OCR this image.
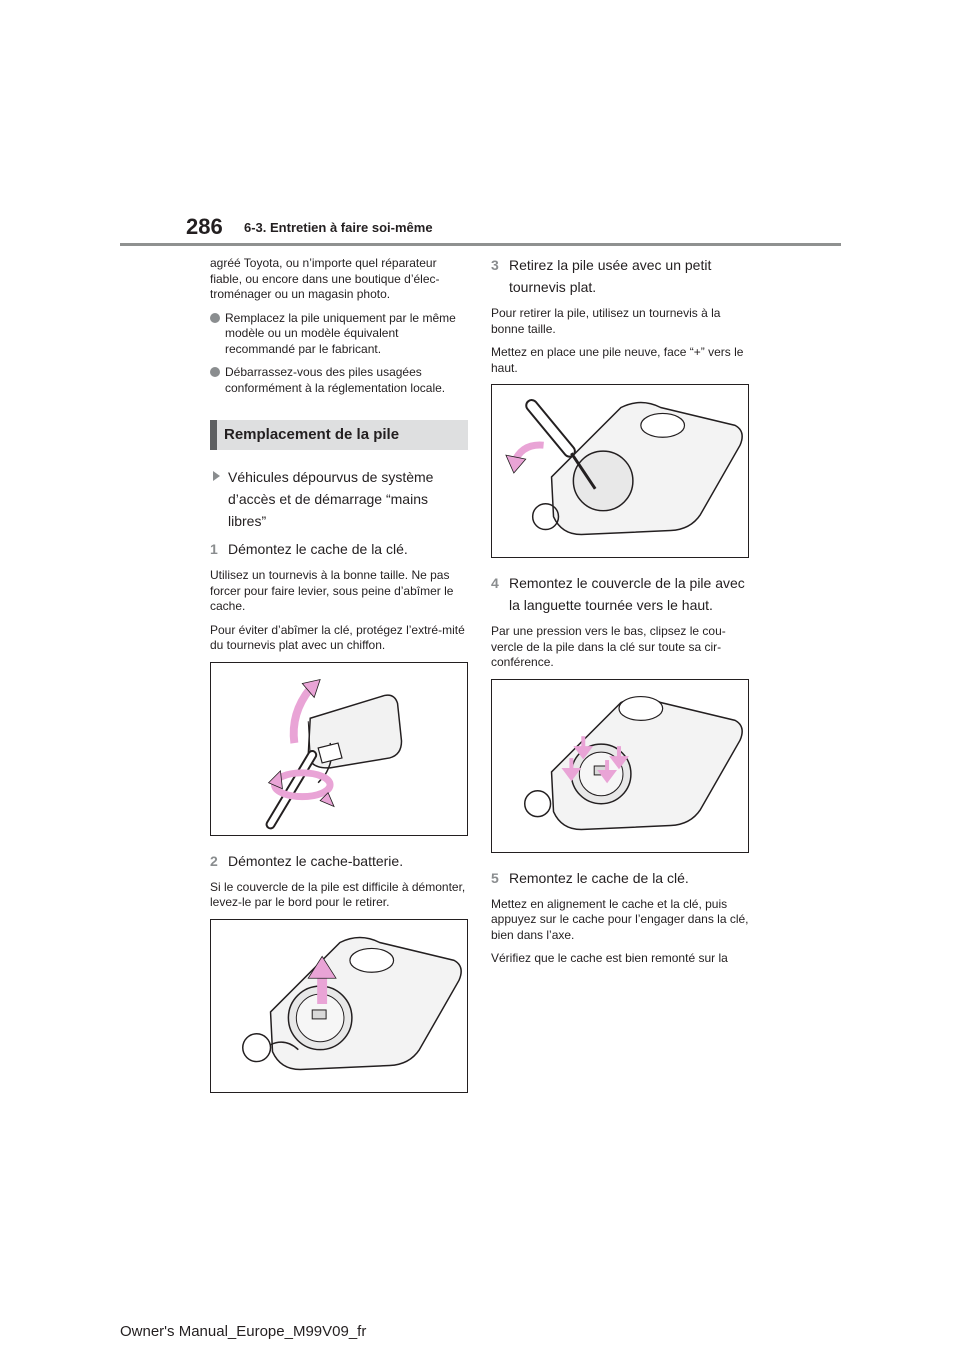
286 6-3. Entretien à faire soi-même

agréé Toyota, ou n’importe quel réparateur fiable, ou encore dans une boutique d’élec-troménager ou un magasin photo.

Remplacez la pile uniquement par le même modèle ou un modèle équivalent recommandé par le fabricant.
Débarrassez-vous des piles usagées conformément à la réglementation locale.
Remplacement de la pile
Véhicules dépourvus de système d’accès et de démarrage “mains libres”
1 Démontez le cache de la clé.

Utilisez un tournevis à la bonne taille. Ne pas forcer pour faire levier, sous peine d’abîmer le cache.

Pour éviter d’abîmer la clé, protégez l’extré-mité du tournevis plat avec un chiffon.

2 Démontez le cache-batterie.

Si le couvercle de la pile est difficile à démonter, levez-le par le bord pour le retirer.

3 Retirez la pile usée avec un petit tournevis plat.

Pour retirer la pile, utilisez un tournevis à la bonne taille.

Mettez en place une pile neuve, face “+” vers le haut.

4 Remontez le couvercle de la pile avec la languette tournée vers le haut.

Par une pression vers le bas, clipsez le cou-vercle de la pile dans la clé sur toute sa cir-conférence.

5 Remontez le cache de la clé.

Mettez en alignement le cache et la clé, puis appuyez sur le cache pour l’engager dans la clé, bien dans l’axe.

Vérifiez que le cache est bien remonté sur la

Owner's Manual_Europe_M99V09_fr
